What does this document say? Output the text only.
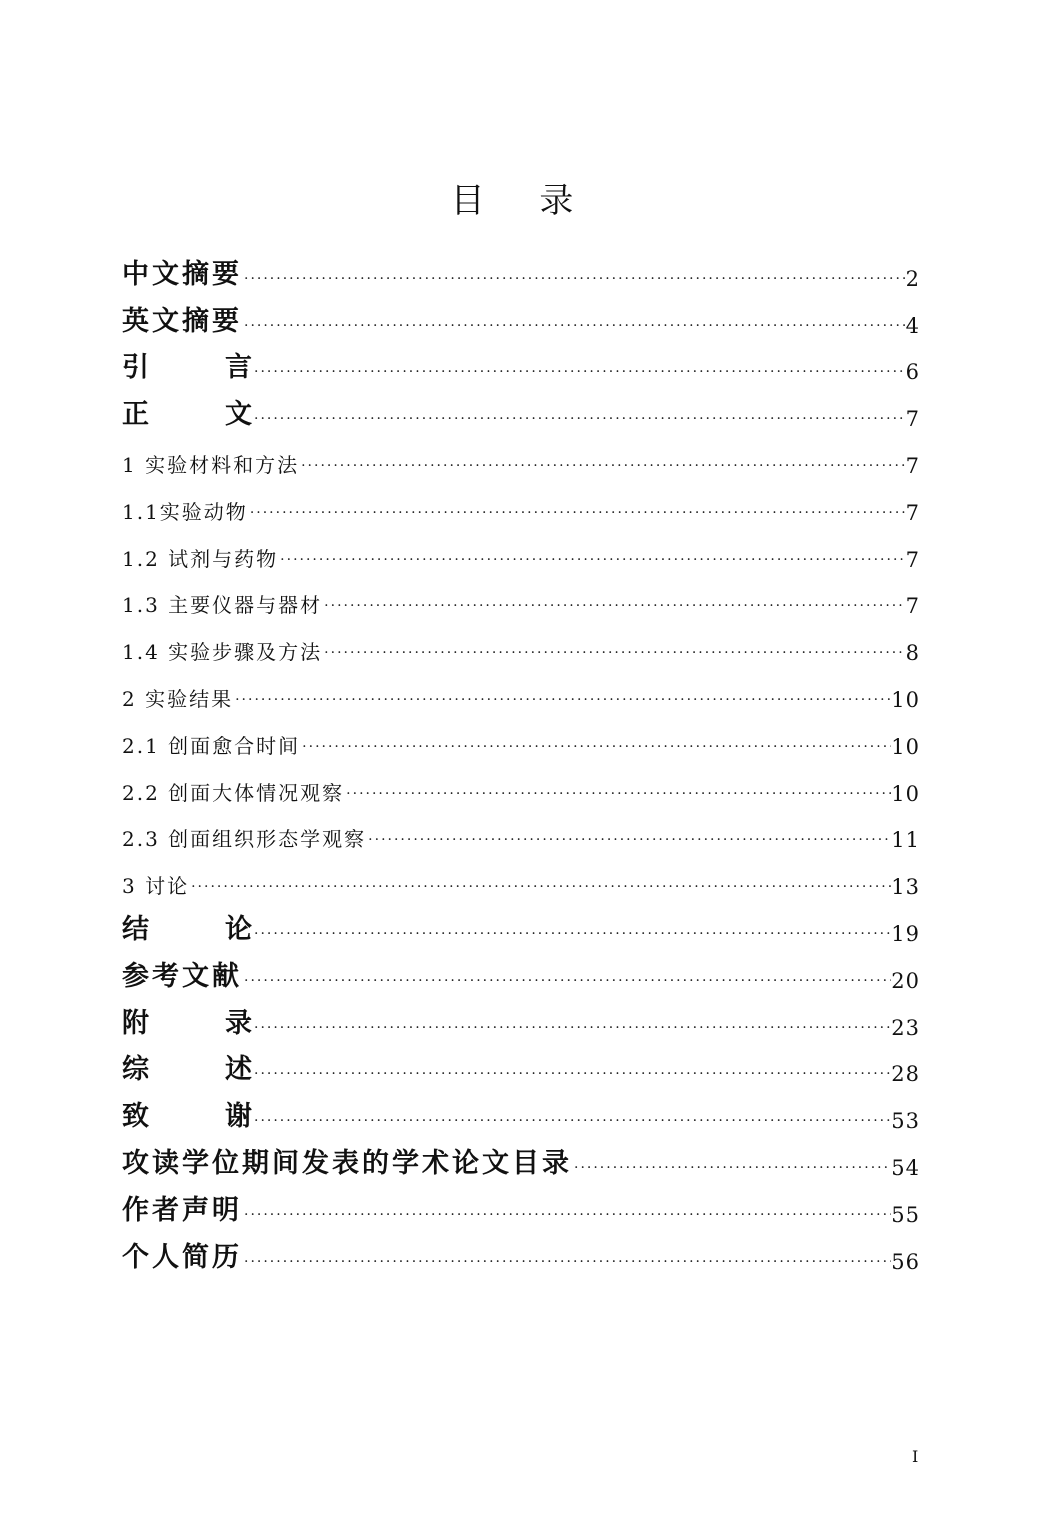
目 录
中文摘要 ·····	2
英文摘要 ·····	4
引言 ·····	6
正文 ·····	7
1 实验材料和方法 ·····	7
1.1实验动物 ·····	7
1.2 试剂与药物 ·····	7
1.3 主要仪器与器材 ·····	7
1.4 实验步骤及方法 ·····	8
2 实验结果 ·····	10
2.1 创面愈合时间 ·····	10
2.2 创面大体情况观察 ·····	10
2.3 创面组织形态学观察 ·····	11
3 讨论 ·····	13
结论 ·····	19
参考文献 ·····	20
附录 ·····	23
综述 ·····	28
致谢 ·····	53
攻读学位期间发表的学术论文目录 ·····	54
作者声明 ·····	55
个人简历 ·····	56
I
